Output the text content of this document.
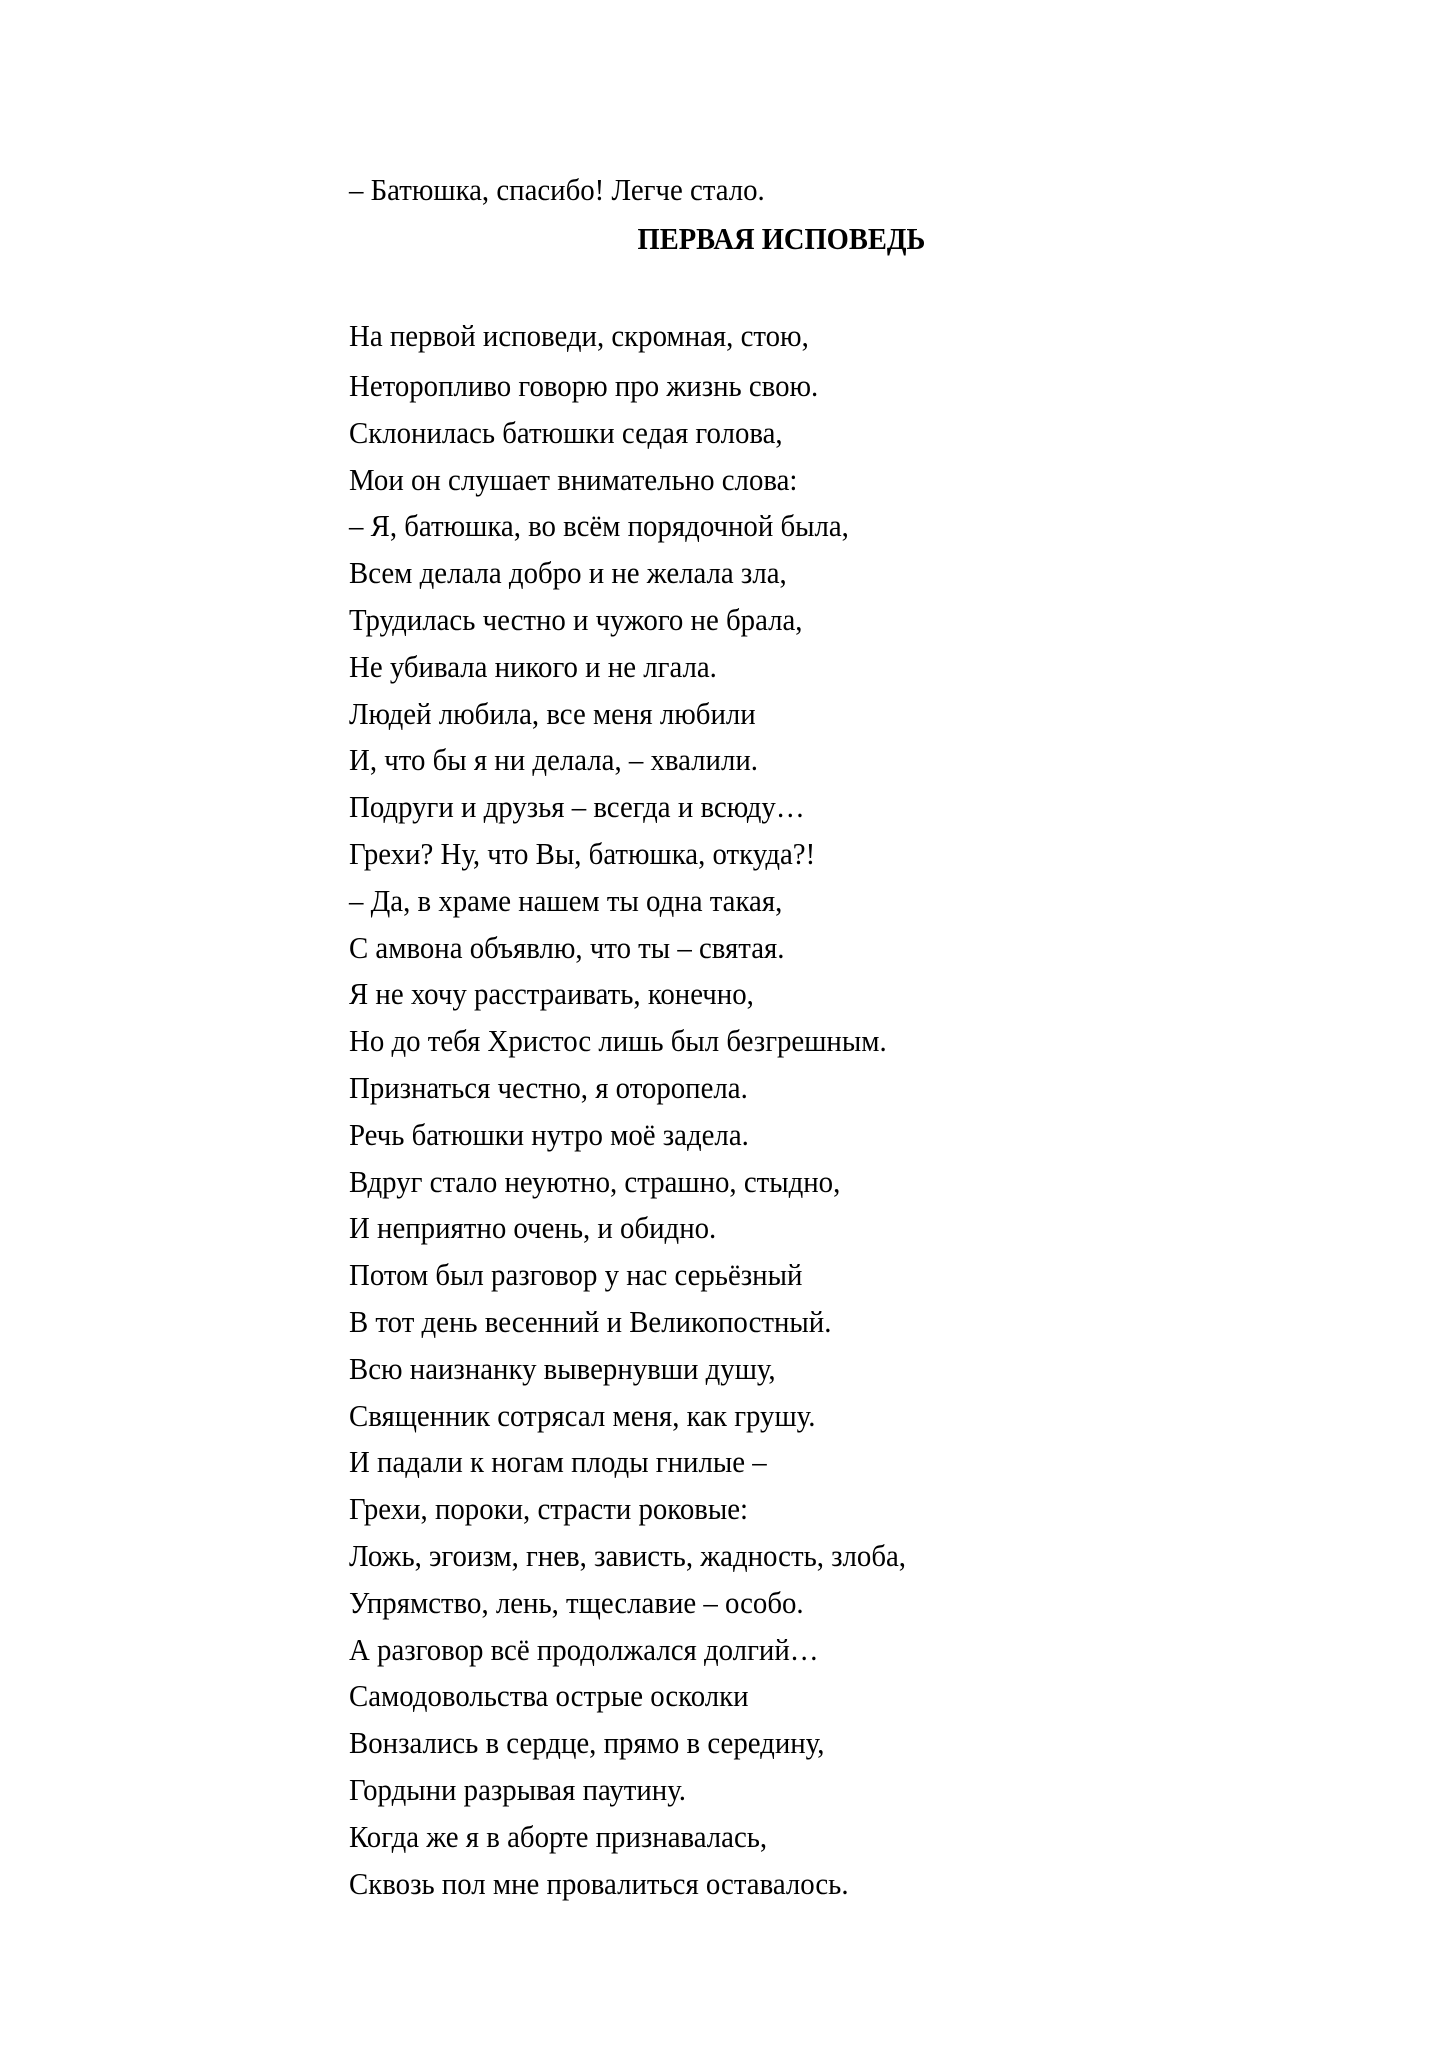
– Батюшка, спасибо! Легче стало.
ПЕРВАЯ ИСПОВЕДЬ
На первой исповеди, скромная, стою,
Неторопливо говорю про жизнь свою.
Склонилась батюшки седая голова,
Мои он слушает внимательно слова:
– Я, батюшка, во всём порядочной была,
Всем делала добро и не желала зла,
Трудилась честно и чужого не брала,
Не убивала никого и не лгала.
Людей любила, все меня любили
И, что бы я ни делала, – хвалили.
Подруги и друзья – всегда и всюду…
Грехи? Ну, что Вы, батюшка, откуда?!
– Да, в храме нашем ты одна такая,
С амвона объявлю, что ты – святая.
Я не хочу расстраивать, конечно,
Но до тебя Христос лишь был безгрешным.
Признаться честно, я оторопела.
Речь батюшки нутро моё задела.
Вдруг стало неуютно, страшно, стыдно,
И неприятно очень, и обидно.
Потом был разговор у нас серьёзный
В тот день весенний и Великопостный.
Всю наизнанку вывернувши душу,
Священник сотрясал меня, как грушу.
И падали к ногам плоды гнилые –
Грехи, пороки, страсти роковые:
Ложь, эгоизм, гнев, зависть, жадность, злоба,
Упрямство, лень, тщеславие – особо.
А разговор всё продолжался долгий…
Самодовольства острые осколки
Вонзались в сердце, прямо в середину,
Гордыни разрывая паутину.
Когда же я в аборте признавалась,
Сквозь пол мне провалиться оставалось.
